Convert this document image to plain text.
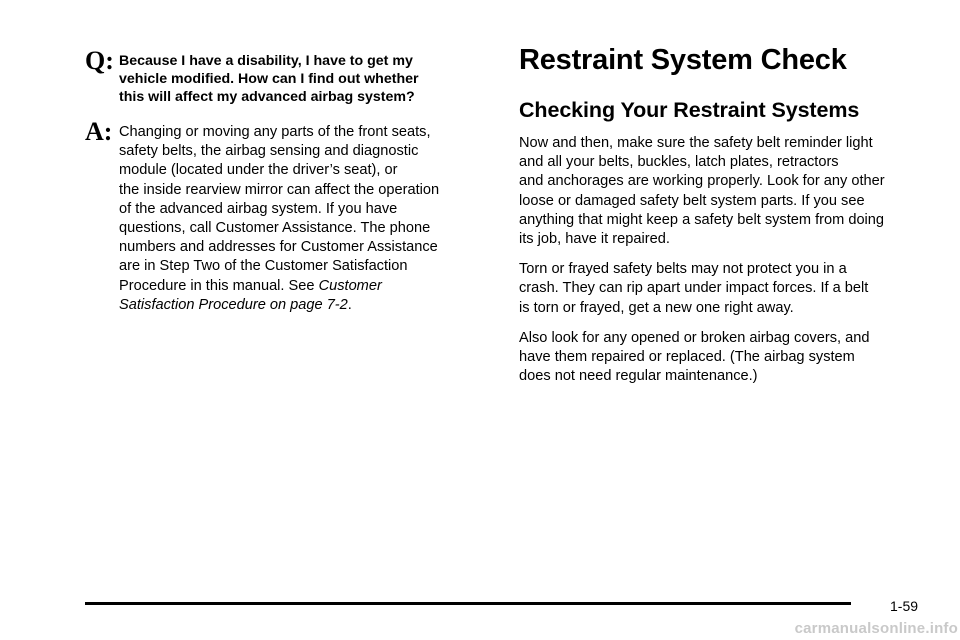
Q: Because I have a disability, I have to get my
vehicle modified. How can I find out whether
this will affect my advanced airbag system?
A: Changing or moving any parts of the front seats,
safety belts, the airbag sensing and diagnostic
module (located under the driver’s seat), or
the inside rearview mirror can affect the operation
of the advanced airbag system. If you have
questions, call Customer Assistance. The phone
numbers and addresses for Customer Assistance
are in Step Two of the Customer Satisfaction
Procedure in this manual. See Customer
Satisfaction Procedure on page 7-2.
Restraint System Check
Checking Your Restraint Systems

Now and then, make sure the safety belt reminder light
and all your belts, buckles, latch plates, retractors
and anchorages are working properly. Look for any other
loose or damaged safety belt system parts. If you see
anything that might keep a safety belt system from doing
its job, have it repaired.

Torn or frayed safety belts may not protect you in a
crash. They can rip apart under impact forces. If a belt
is torn or frayed, get a new one right away.

Also look for any opened or broken airbag covers, and
have them repaired or replaced. (The airbag system
does not need regular maintenance.)

1-59
carmanualsonline.info
